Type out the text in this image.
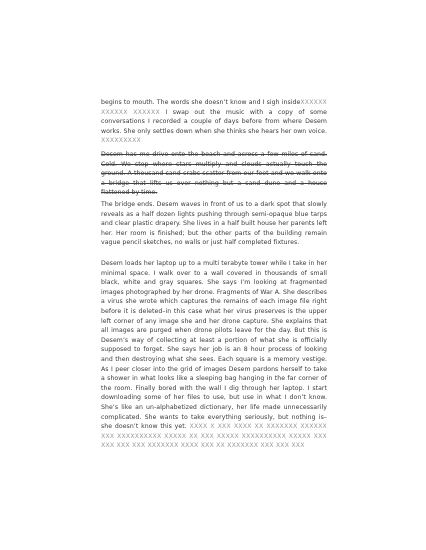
begins to mouth. The words she doesn’t know and I sigh insideXXXXXX XXXXXX XXXXXX I swap out the music with a copy of some conversations I recorded a couple of days before from where Desem works. She only settles down when she thinks she hears her own voice. XXXXXXXXX

Desem has me drive onto the beach and across a few miles of sand. Cold. We stop where stars multiply and clouds actually touch the ground. A thousand sand crabs scatter from our feet and we walk onto a bridge that lifts us over nothing but a sand dune and a house flattened by time.

The bridge ends. Desem waves in front of us to a dark spot that slowly reveals as a half dozen lights pushing through semi-opaque blue tarps and clear plastic drapery. She lives in a half built house her parents left her. Her room is finished; but the other parts of the building remain vague pencil sketches, no walls or just half completed fixtures.

Desem loads her laptop up to a multi terabyte tower while I take in her minimal space. I walk over to a wall covered in thousands of small black, white and gray squares. She says I’m looking at fragmented images photographed by her drone. Fragments of War A. She describes a virus she wrote which captures the remains of each image file right before it is deleted–in this case what her virus preserves is the upper left corner of any image she and her drone capture. She explains that all images are purged when drone pilots leave for the day. But this is Desem’s way of collecting at least a portion of what she is officially supposed to forget. She says her job is an 8 hour process of looking and then destroying what she sees. Each square is a memory vestige. As I peer closer into the grid of images Desem pardons herself to take a shower in what looks like a sleeping bag hanging in the far corner of the room. Finally bored with the wall I dig through her laptop. I start downloading some of her files to use, but use in what I don’t know. She’s like an un-alphabetized dictionary, her life made unnecessarily complicated. She wants to take everything seriously, but nothing is–she doesn’t know this yet. XXXX X XXX XXXX XX XXXXXXX XXXXXX XXX XXXXXXXXXX XXXXX XX XXX XXXXX XXXXXXXXXX XXXXX XXX XXX XXX XXX XXXXXXX XXXX XXX XX XXXXXXX XXX XXX XXX
